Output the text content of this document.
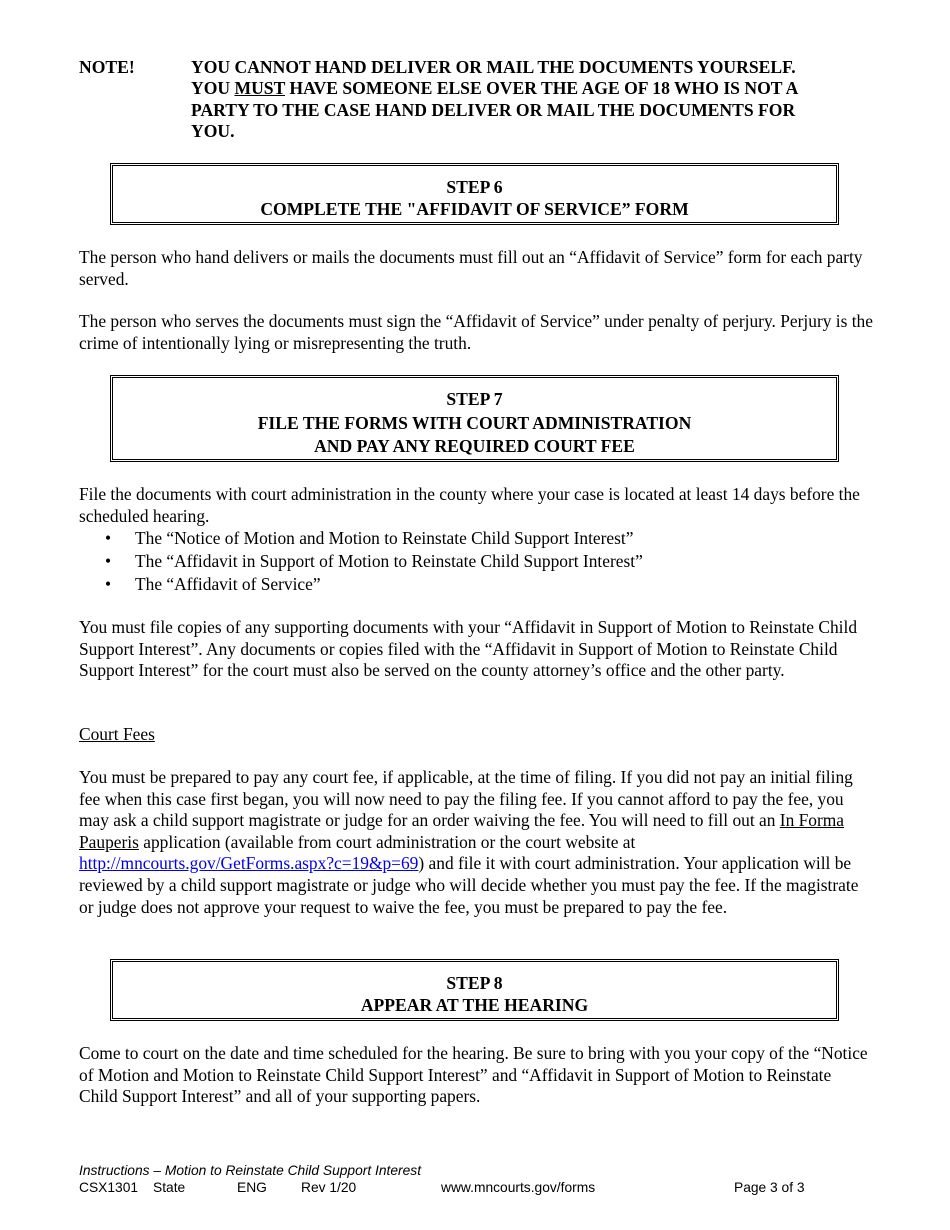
NOTE!	YOU CANNOT HAND DELIVER OR MAIL THE DOCUMENTS YOURSELF.
YOU MUST HAVE SOMEONE ELSE OVER THE AGE OF 18 WHO IS NOT A
PARTY TO THE CASE HAND DELIVER OR MAIL THE DOCUMENTS FOR
YOU.
STEP 6
COMPLETE THE "AFFIDAVIT OF SERVICE” FORM

The person who hand delivers or mails the documents must fill out an “Affidavit of Service” form for each party served.

The person who serves the documents must sign the “Affidavit of Service” under penalty of perjury. Perjury is the crime of intentionally lying or misrepresenting the truth.

STEP 7
FILE THE FORMS WITH COURT ADMINISTRATION
AND PAY ANY REQUIRED COURT FEE

File the documents with court administration in the county where your case is located at least 14 days before the scheduled hearing.

• The “Notice of Motion and Motion to Reinstate Child Support Interest”
• The “Affidavit in Support of Motion to Reinstate Child Support Interest”
• The “Affidavit of Service”

You must file copies of any supporting documents with your “Affidavit in Support of Motion to Reinstate Child Support Interest”. Any documents or copies filed with the “Affidavit in Support of Motion to Reinstate Child Support Interest” for the court must also be served on the county attorney’s office and the other party.

Court Fees

You must be prepared to pay any court fee, if applicable, at the time of filing. If you did not pay an initial filing fee when this case first began, you will now need to pay the filing fee. If you cannot afford to pay the fee, you may ask a child support magistrate or judge for an order waiving the fee. You will need to fill out an In Forma Pauperis application (available from court administration or the court website at http://mncourts.gov/GetForms.aspx?c=19&p=69) and file it with court administration. Your application will be reviewed by a child support magistrate or judge who will decide whether you must pay the fee. If the magistrate or judge does not approve your request to waive the fee, you must be prepared to pay the fee.

STEP 8
APPEAR AT THE HEARING

Come to court on the date and time scheduled for the hearing. Be sure to bring with you your copy of the “Notice of Motion and Motion to Reinstate Child Support Interest” and “Affidavit in Support of Motion to Reinstate Child Support Interest” and all of your supporting papers.

Instructions – Motion to Reinstate Child Support Interest
CSX1301 State	ENG Rev 1/20	www.mncourts.gov/forms	Page 3 of 3
